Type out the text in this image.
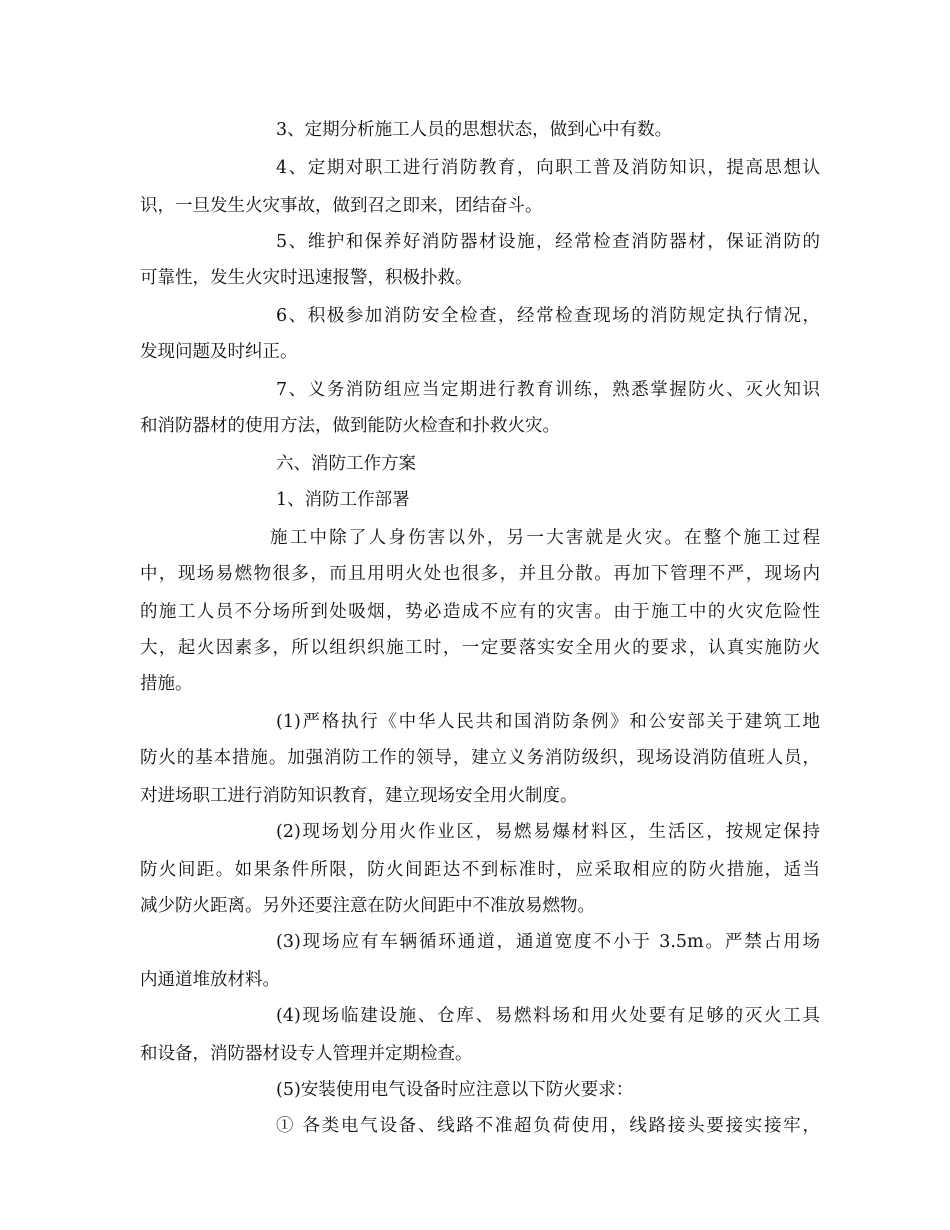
3、定期分析施工人员的思想状态，做到心中有数。
4、定期对职工进行消防教育，向职工普及消防知识，提高思想认
识，一旦发生火灾事故，做到召之即来，团结奋斗。
5、维护和保养好消防器材设施，经常检查消防器材，保证消防的
可靠性，发生火灾时迅速报警，积极扑救。
6、积极参加消防安全检查，经常检查现场的消防规定执行情况，
发现问题及时纠正。
7、义务消防组应当定期进行教育训练，熟悉掌握防火、灭火知识
和消防器材的使用方法，做到能防火检查和扑救火灾。
六、消防工作方案
1、消防工作部署
施工中除了人身伤害以外，另一大害就是火灾。在整个施工过程
中，现场易燃物很多，而且用明火处也很多，并且分散。再加下管理不严，现场内
的施工人员不分场所到处吸烟，势必造成不应有的灾害。由于施工中的火灾危险性
大，起火因素多，所以组织织施工时，一定要落实安全用火的要求，认真实施防火
措施。
(1)严格执行《中华人民共和国消防条例》和公安部关于建筑工地
防火的基本措施。加强消防工作的领导，建立义务消防级织，现场设消防值班人员，
对进场职工进行消防知识教育，建立现场安全用火制度。
(2)现场划分用火作业区，易燃易爆材料区，生活区，按规定保持
防火间距。如果条件所限，防火间距达不到标准时，应采取相应的防火措施，适当
减少防火距离。另外还要注意在防火间距中不准放易燃物。
(3)现场应有车辆循环通道，通道宽度不小于 3.5m。严禁占用场
内通道堆放材料。
(4)现场临建设施、仓库、易燃料场和用火处要有足够的灭火工具
和设备，消防器材设专人管理并定期检查。
(5)安装使用电气设备时应注意以下防火要求：
① 各类电气设备、线路不准超负荷使用，线路接头要接实接牢，
